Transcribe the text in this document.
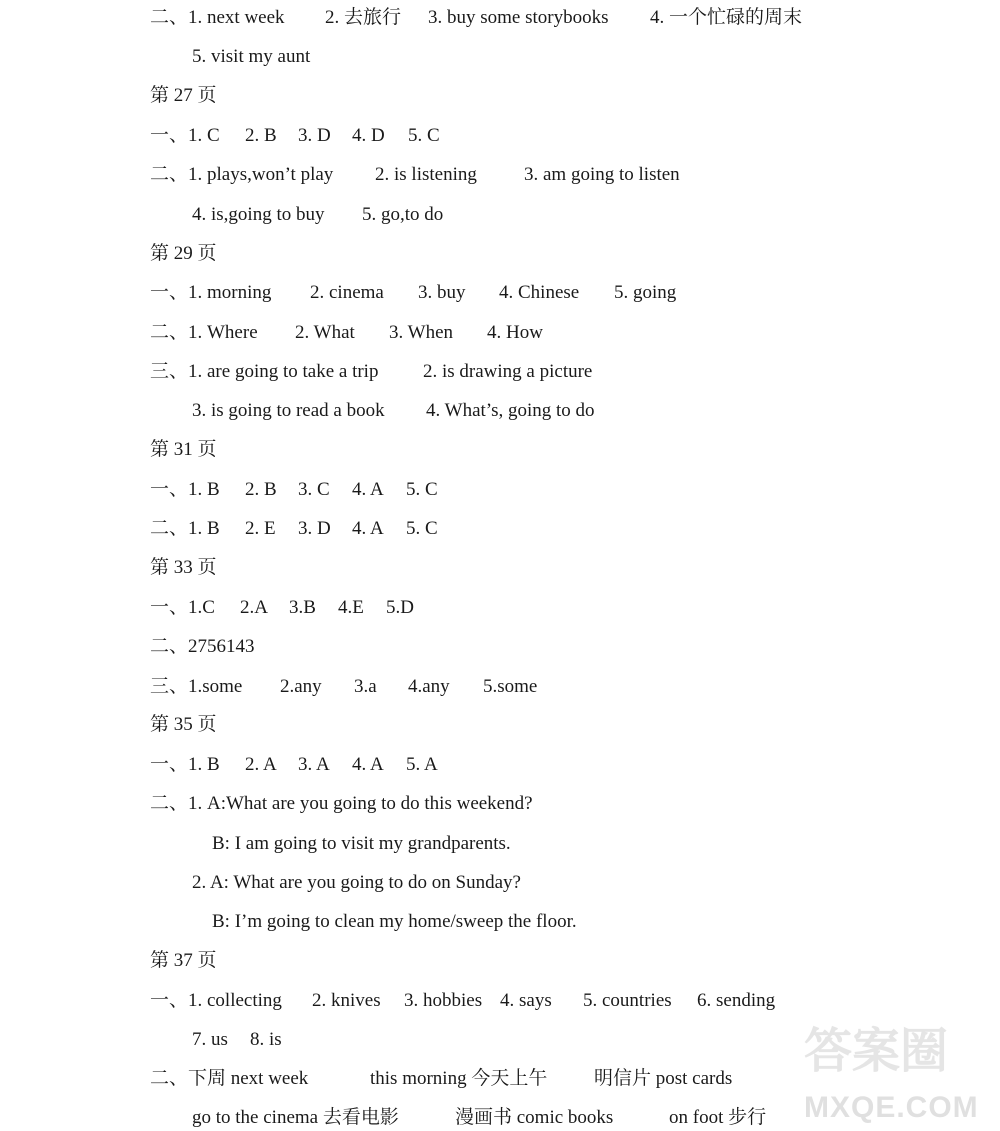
二、1. next week 2. 去旅行 3. buy some storybooks 4. 一个忙碌的周末
5. visit my aunt
第 27 页
一、1. C 2. B 3. D 4. D 5. C
二、1. plays,won’t play 2. is listening 3. am going to listen
4. is,going to buy 5. go,to do
第 29 页
一、1. morning 2. cinema 3. buy 4. Chinese 5. going
二、1. Where 2. What 3. When 4. How
三、1. are going to take a trip 2. is drawing a picture
3. is going to read a book 4. What’s, going to do
第 31 页
一、1. B 2. B 3. C 4. A 5. C
二、1. B 2. E 3. D 4. A 5. C
第 33 页
一、1.C 2.A 3.B 4.E 5.D
二、2756143
三、1.some 2.any 3.a 4.any 5.some
第 35 页
一、1. B 2. A 3. A 4. A 5. A
二、1. A:What are you going to do this weekend?
B: I am going to visit my grandparents.
2. A: What are you going to do on Sunday?
B: I’m going to clean my home/sweep the floor.
第 37 页
一、1. collecting 2. knives 3. hobbies 4. says 5. countries 6. sending
7. us 8. is
二、下周 next week	this morning 今天上午 明信片 post cards
go to the cinema 去看电影	漫画书 comic books	on foot 步行
答案圈
MXQE.COM
